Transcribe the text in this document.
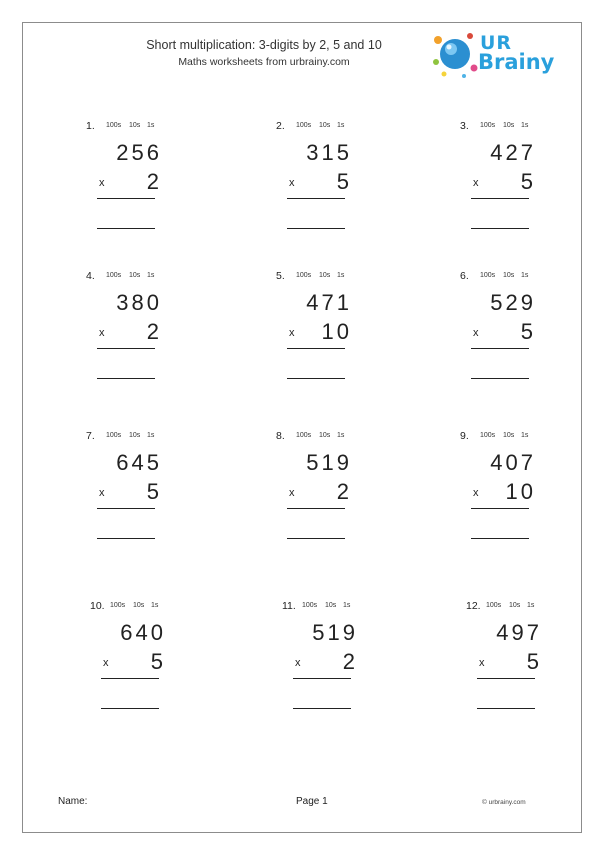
Short multiplication: 3-digits by 2, 5 and 10
Maths worksheets from urbrainy.com
UR
Brainy
1. 100s 10s 1s
256
x	2
2. 100s 10s 1s
315
x	5
3. 100s 10s 1s
427
x	5
4. 100s 10s 1s
380
x	2
5. 100s 10s 1s
471
x	10
6. 100s 10s 1s
529
x	5
7. 100s 10s 1s
645
x	5
8. 100s 10s 1s
519
x	2
9. 100s 10s 1s
407
x	10
10. 100s 10s 1s
640
x	5
11. 100s 10s 1s
519
x	2
12. 100s 10s 1s
497
x	5
Name:	Page 1	© urbrainy.com
